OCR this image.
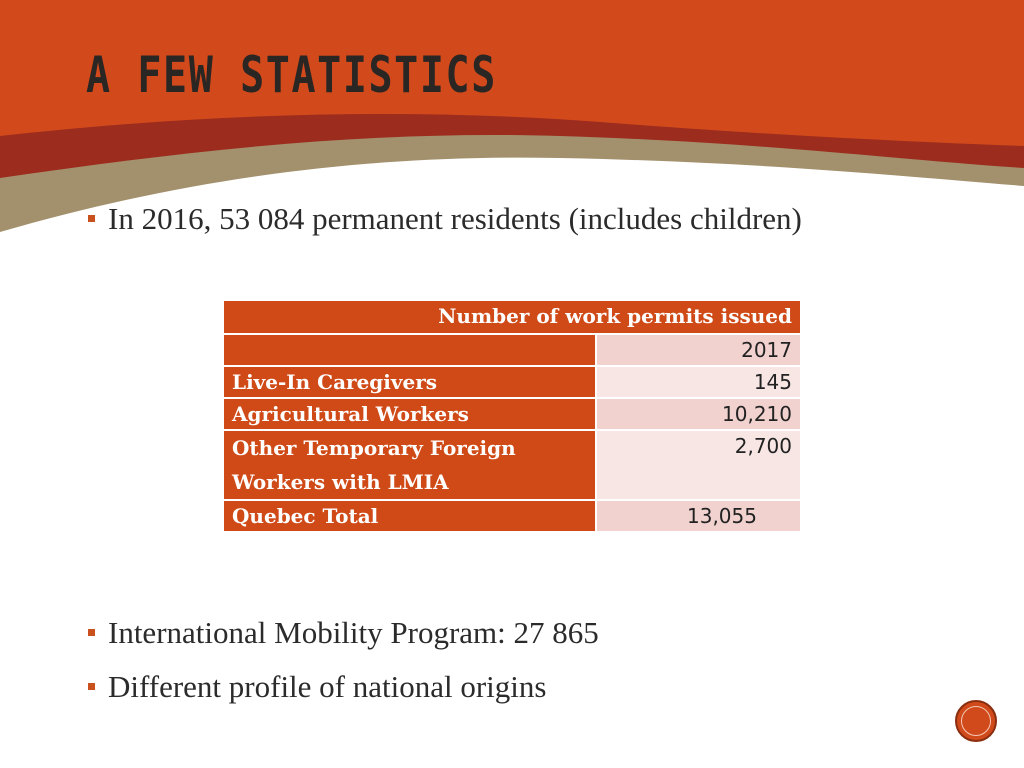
A FEW STATISTICS
In 2016, 53 084 permanent residents (includes children)
Number of work permits issued	
	2017
Live-In Caregivers	145
Agricultural Workers	10,210
Other Temporary Foreign Workers with LMIA	2,700
Quebec Total	13,055
International Mobility Program: 27 865
Different profile of national origins
